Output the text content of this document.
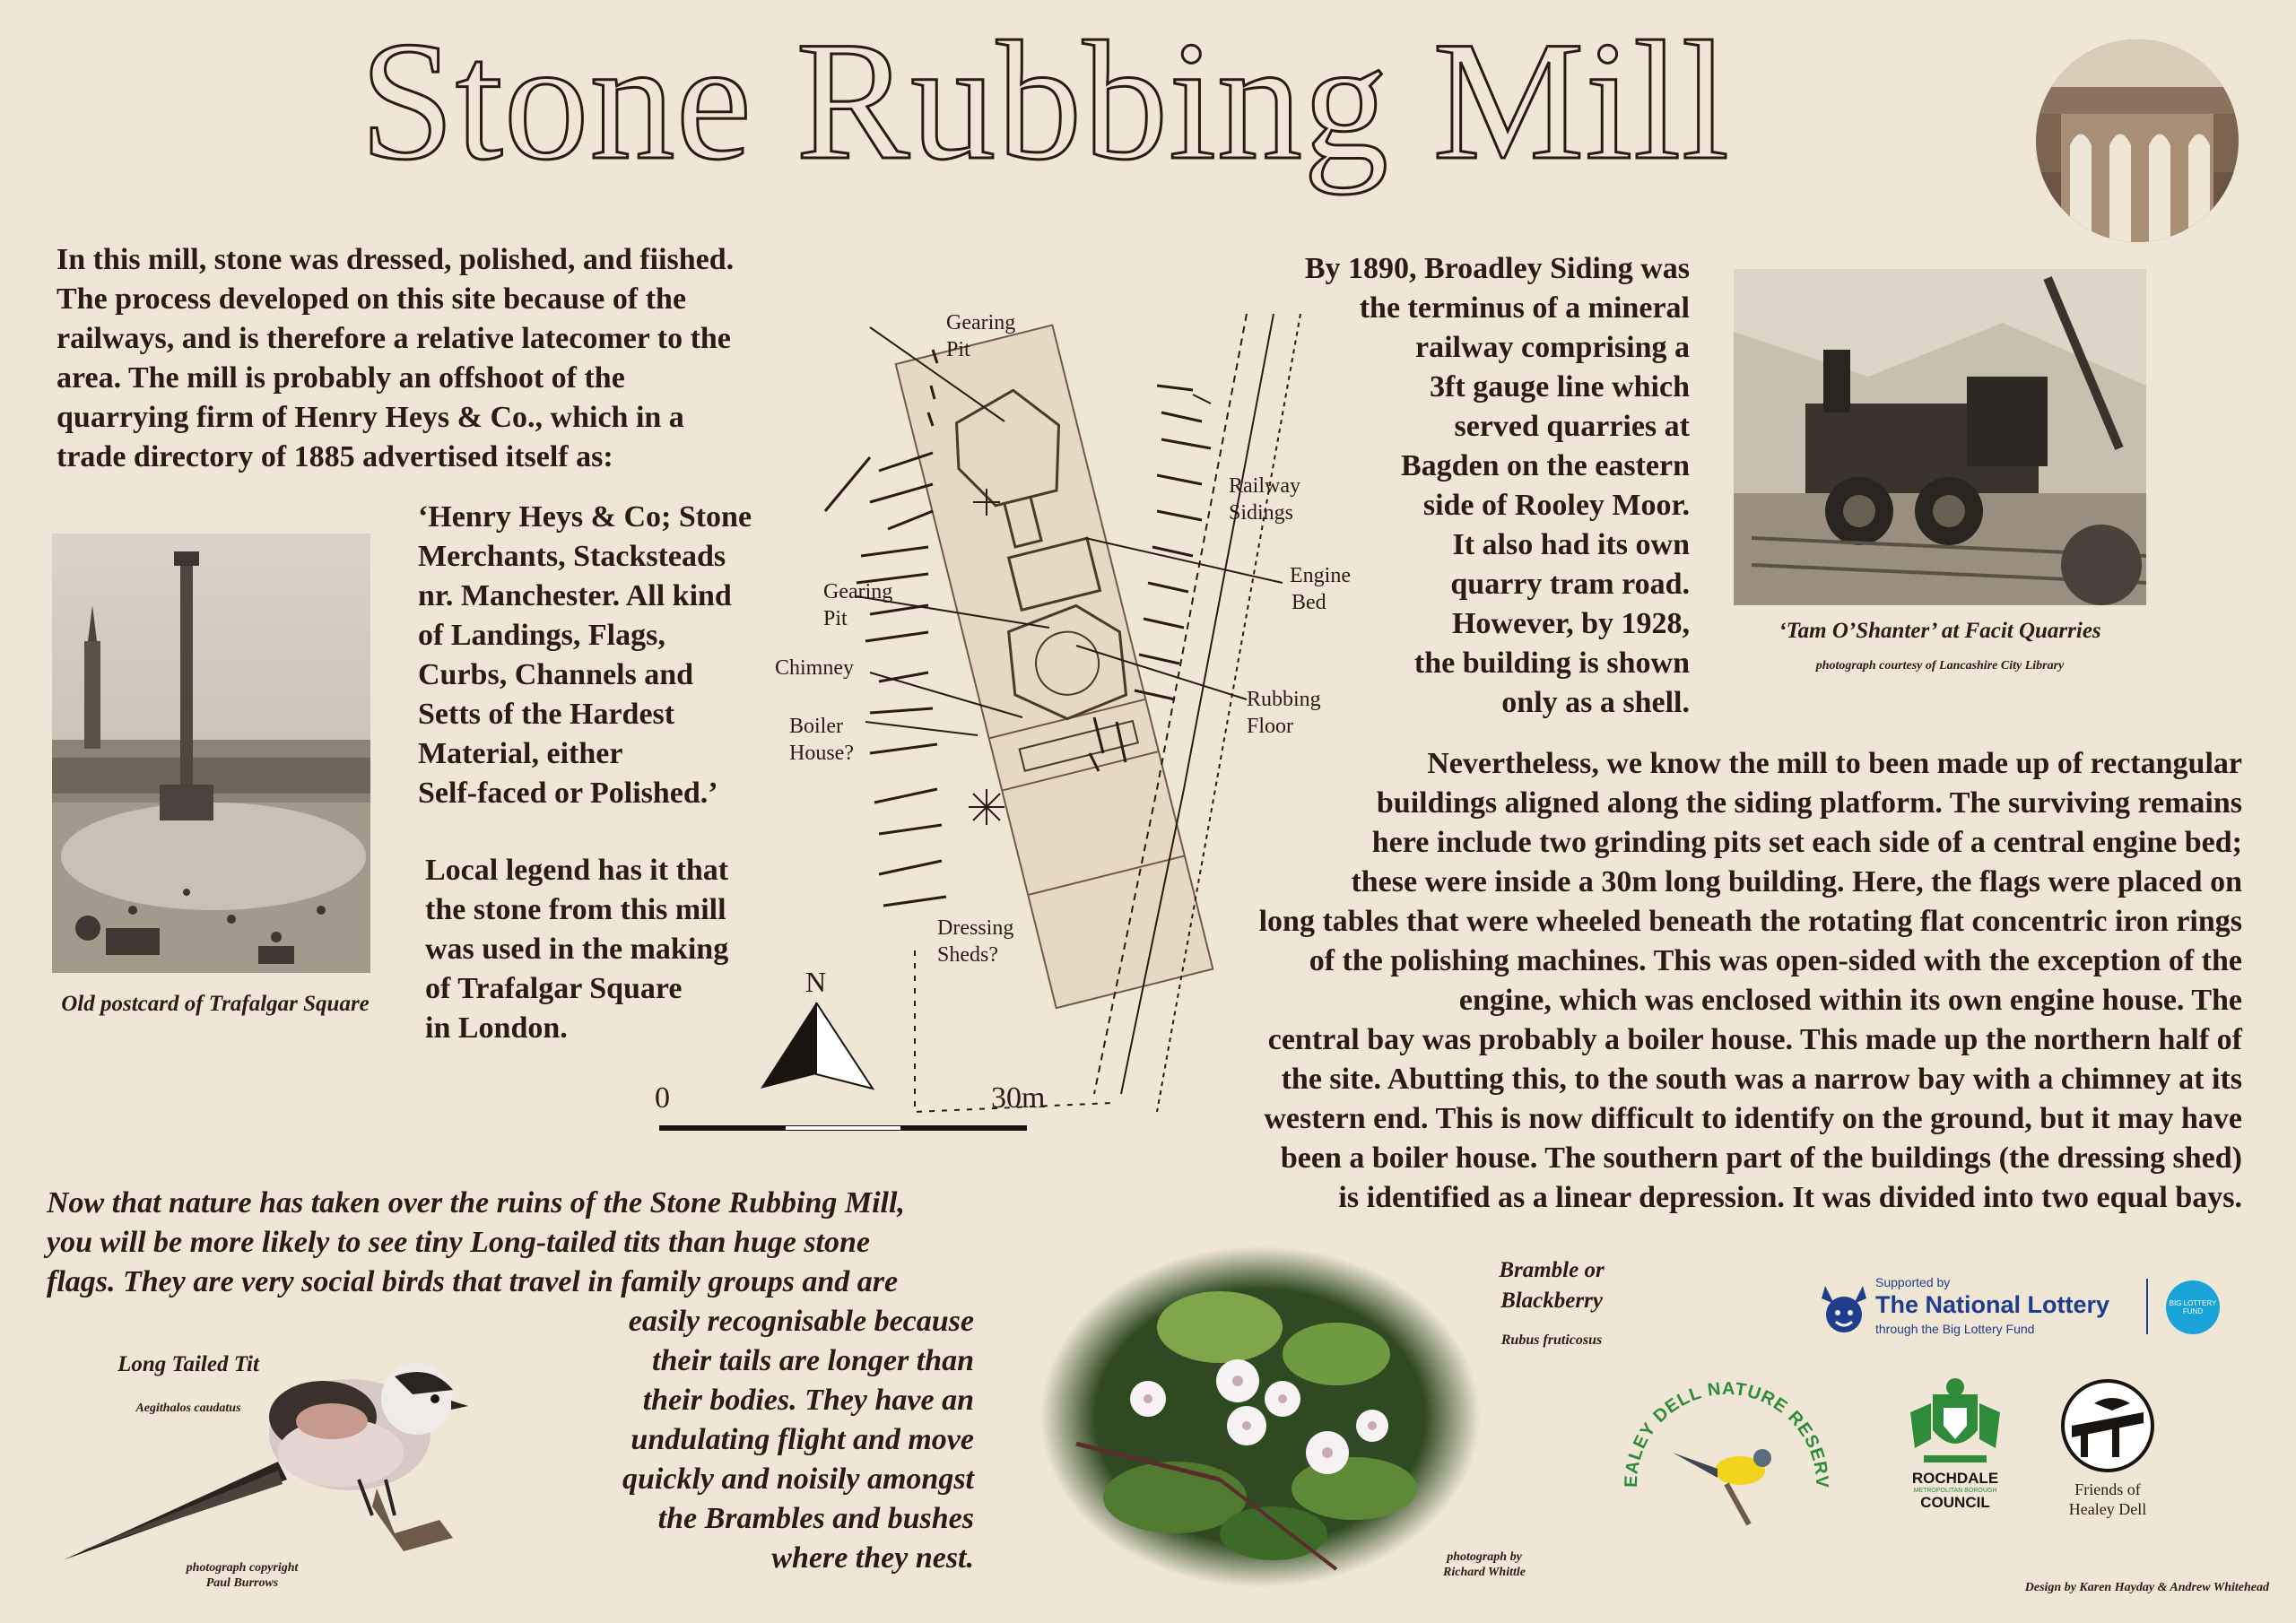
Stone Rubbing Mill

In this mill, stone was dressed, polished, and fiished.

The process developed on this site because of the

railways, and is therefore a relative latecomer to the

area. The mill is probably an offshoot of the

quarrying firm of Henry Heys & Co., which in a

trade directory of 1885 advertised itself as:

Old postcard of Trafalgar Square

‘Henry Heys & Co; Stone

Merchants, Stacksteads

nr. Manchester. All kind

of Landings, Flags,

Curbs, Channels and

Setts of the Hardest

Material, either

Self-faced or Polished.’

Local legend has it that

the stone from this mill

was used in the making

of Trafalgar Square

in London.

Gearing
Pit
Gearing
Pit
Chimney
Boiler
House?
Railway
Sidings
Engine
Bed
Rubbing
Floor
Dressing
Sheds?
N
0	30m

By 1890, Broadley Siding was

the terminus of a mineral

railway comprising a

3ft gauge line which

served quarries at

Bagden on the eastern

side of Rooley Moor.

It also had its own

quarry tram road.

However, by 1928,

the building is shown

only as a shell.

‘Tam O’Shanter’ at Facit Quarries
photograph courtesy of Lancashire City Library

Nevertheless, we know the mill to been made up of rectangular

buildings aligned along the siding platform. The surviving remains

here include two grinding pits set each side of a central engine bed;

these were inside a 30m long building. Here, the flags were placed on

long tables that were wheeled beneath the rotating flat concentric iron rings

of the polishing machines. This was open-sided with the exception of the

engine, which was enclosed within its own engine house. The

central bay was probably a boiler house. This made up the northern half of

the site. Abutting this, to the south was a narrow bay with a chimney at its

western end. This is now difficult to identify on the ground, but it may have

been a boiler house. The southern part of the buildings (the dressing shed)

is identified as a linear depression. It was divided into two equal bays.

Now that nature has taken over the ruins of the Stone Rubbing Mill,

you will be more likely to see tiny Long-tailed tits than huge stone

flags. They are very social birds that travel in family groups and are

easily recognisable because

their tails are longer than

their bodies. They have an

undulating flight and move

quickly and noisily amongst

the Brambles and bushes

where they nest.

Long Tailed Tit
Aegithalos caudatus
photograph copyright
Paul Burrows
Bramble or
Blackberry
Rubus fruticosus
photograph by
Richard Whittle
Supported by
The National Lottery
through the Big Lottery Fund
BIG LOTTERY FUND
EALEY DELL NATURE RESERV	ROCHDALE
METROPOLITAN BOROUGH
COUNCIL
Friends of
Healey Dell
Design by Karen Hayday & Andrew Whitehead
